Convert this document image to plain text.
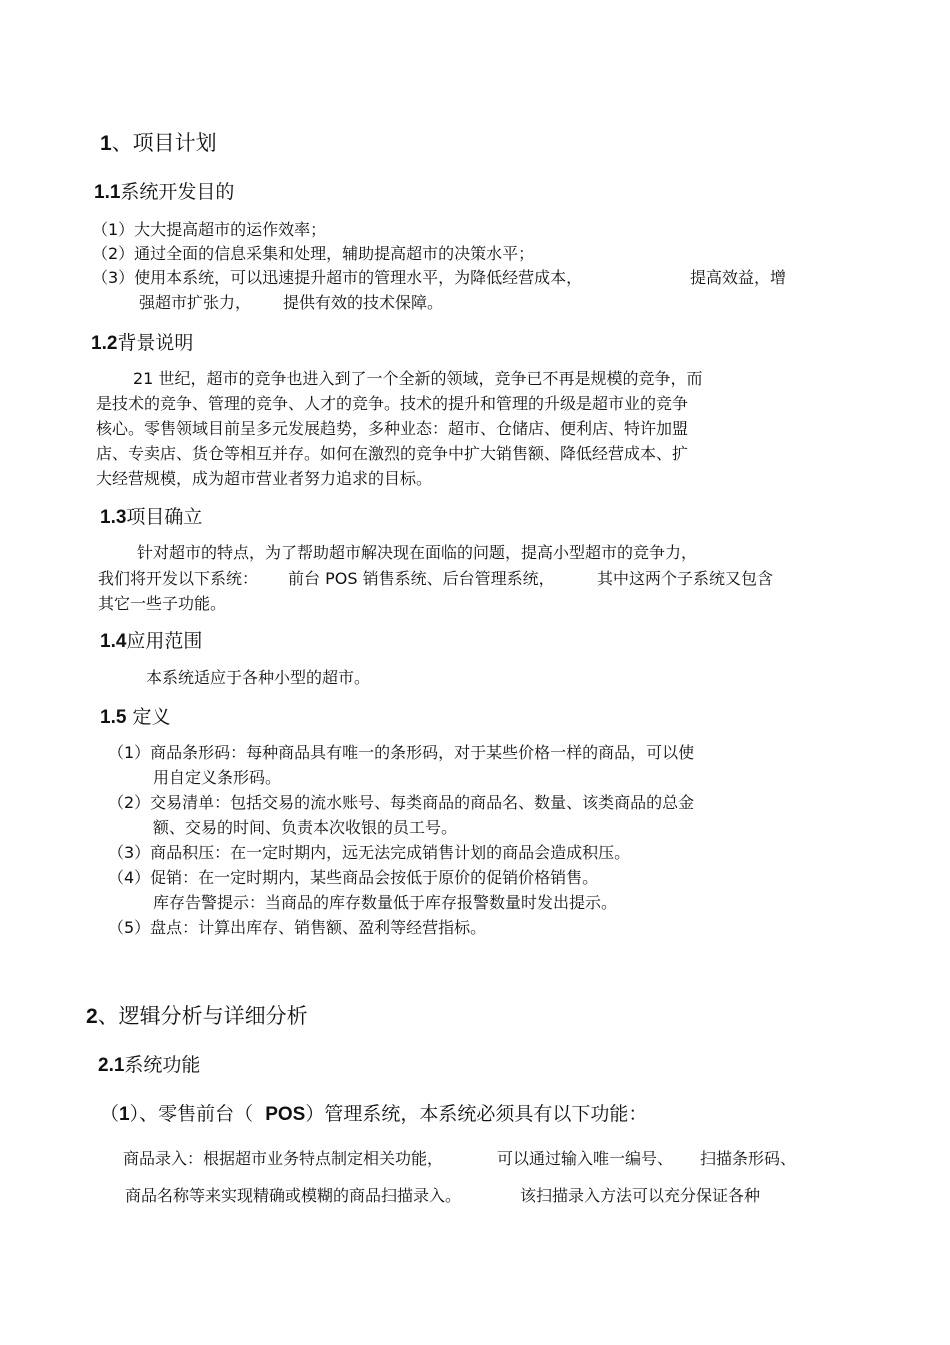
1、项目计划
1.1系统开发目的
（1）大大提高超市的运作效率；
（2）通过全面的信息采集和处理，辅助提高超市的决策水平；
（3）使用本系统，可以迅速提升超市的管理水平，为降低经营成本，	提高效益，增
强超市扩张力， 提供有效的技术保障。
1.2背景说明
21 世纪，超市的竞争也进入到了一个全新的领域，竞争已不再是规模的竞争，而
是技术的竞争、管理的竞争、人才的竞争。技术的提升和管理的升级是超市业的竞争
核心。零售领域目前呈多元发展趋势，多种业态：超市、仓储店、便利店、特许加盟
店、专卖店、货仓等相互并存。如何在激烈的竞争中扩大销售额、降低经营成本、扩
大经营规模，成为超市营业者努力追求的目标。
1.3项目确立
针对超市的特点，为了帮助超市解决现在面临的问题，提高小型超市的竞争力，
我们将开发以下系统： 前台 POS 销售系统、后台管理系统，	其中这两个子系统又包含
其它一些子功能。
1.4应用范围
本系统适应于各种小型的超市。
1.5 定义
（1）商品条形码：每种商品具有唯一的条形码，对于某些价格一样的商品，可以使
用自定义条形码。
（2）交易清单：包括交易的流水账号、每类商品的商品名、数量、该类商品的总金
额、交易的时间、负责本次收银的员工号。
（3）商品积压：在一定时期内，远无法完成销售计划的商品会造成积压。
（4）促销：在一定时期内，某些商品会按低于原价的促销价格销售。
库存告警提示：当商品的库存数量低于库存报警数量时发出提示。
（5）盘点：计算出库存、销售额、盈利等经营指标。
2、逻辑分析与详细分析
2.1系统功能
（1）、零售前台（ POS）管理系统，本系统必须具有以下功能：
商品录入：根据超市业务特点制定相关功能，	可以通过输入唯一编号、 扫描条形码、
商品名称等来实现精确或模糊的商品扫描录入。	该扫描录入方法可以充分保证各种
